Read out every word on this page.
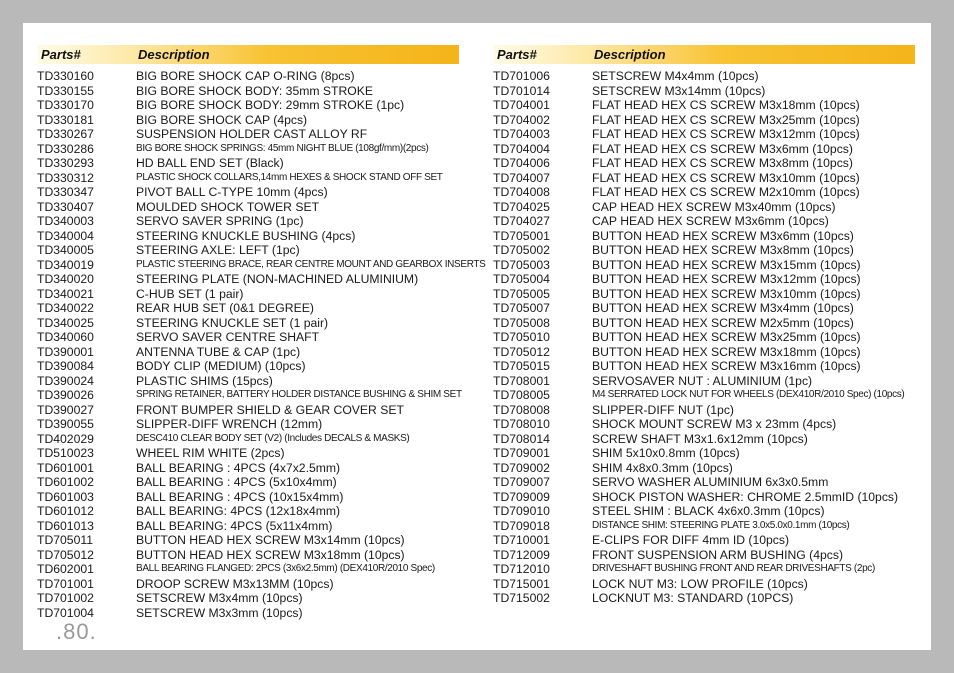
Parts#	Description
TD330160	BIG BORE SHOCK CAP O-RING (8pcs)
TD330155	BIG BORE SHOCK BODY: 35mm STROKE
TD330170	BIG BORE SHOCK BODY: 29mm STROKE (1pc)
TD330181	BIG BORE SHOCK CAP (4pcs)
TD330267	SUSPENSION HOLDER CAST ALLOY RF
TD330286	BIG BORE SHOCK SPRINGS: 45mm NIGHT BLUE (108gf/mm)(2pcs)
TD330293	HD BALL END SET (Black)
TD330312	PLASTIC SHOCK COLLARS,14mm HEXES & SHOCK STAND OFF SET
TD330347	PIVOT BALL C-TYPE 10mm (4pcs)
TD330407	MOULDED SHOCK TOWER SET
TD340003	SERVO SAVER SPRING (1pc)
TD340004	STEERING KNUCKLE BUSHING (4pcs)
TD340005	STEERING AXLE: LEFT (1pc)
TD340019	PLASTIC STEERING BRACE, REAR CENTRE MOUNT AND GEARBOX INSERTS
TD340020	STEERING PLATE (NON-MACHINED ALUMINIUM)
TD340021	C-HUB SET (1 pair)
TD340022	REAR HUB SET (0&1 DEGREE)
TD340025	STEERING KNUCKLE SET (1 pair)
TD340060	SERVO SAVER CENTRE SHAFT
TD390001	ANTENNA TUBE & CAP (1pc)
TD390084	BODY CLIP (MEDIUM) (10pcs)
TD390024	PLASTIC SHIMS (15pcs)
TD390026	SPRING RETAINER, BATTERY HOLDER DISTANCE BUSHING & SHIM SET
TD390027	FRONT BUMPER SHIELD & GEAR COVER SET
TD390055	SLIPPER-DIFF WRENCH (12mm)
TD402029	DESC410 CLEAR BODY SET (V2) (Includes DECALS & MASKS)
TD510023	WHEEL RIM WHITE (2pcs)
TD601001	BALL BEARING : 4PCS (4x7x2.5mm)
TD601002	BALL BEARING : 4PCS (5x10x4mm)
TD601003	BALL BEARING : 4PCS (10x15x4mm)
TD601012	BALL BEARING: 4PCS (12x18x4mm)
TD601013	BALL BEARING: 4PCS (5x11x4mm)
TD705011	BUTTON HEAD HEX SCREW M3x14mm (10pcs)
TD705012	BUTTON HEAD HEX SCREW M3x18mm (10pcs)
TD602001	BALL BEARING FLANGED: 2PCS (3x6x2.5mm) (DEX410R/2010 Spec)
TD701001	DROOP SCREW M3x13MM (10pcs)
TD701002	SETSCREW M3x4mm (10pcs)
TD701004	SETSCREW M3x3mm (10pcs)
Parts#	Description
TD701006	SETSCREW M4x4mm (10pcs)
TD701014	SETSCREW M3x14mm (10pcs)
TD704001	FLAT HEAD HEX CS SCREW M3x18mm (10pcs)
TD704002	FLAT HEAD HEX CS SCREW M3x25mm (10pcs)
TD704003	FLAT HEAD HEX CS SCREW M3x12mm (10pcs)
TD704004	FLAT HEAD HEX CS SCREW M3x6mm (10pcs)
TD704006	FLAT HEAD HEX CS SCREW M3x8mm (10pcs)
TD704007	FLAT HEAD HEX CS SCREW M3x10mm (10pcs)
TD704008	FLAT HEAD HEX CS SCREW M2x10mm (10pcs)
TD704025	CAP HEAD HEX SCREW M3x40mm (10pcs)
TD704027	CAP HEAD HEX SCREW M3x6mm (10pcs)
TD705001	BUTTON HEAD HEX SCREW M3x6mm (10pcs)
TD705002	BUTTON HEAD HEX SCREW M3x8mm (10pcs)
TD705003	BUTTON HEAD HEX SCREW M3x15mm (10pcs)
TD705004	BUTTON HEAD HEX SCREW M3x12mm (10pcs)
TD705005	BUTTON HEAD HEX SCREW M3x10mm (10pcs)
TD705007	BUTTON HEAD HEX SCREW M3x4mm (10pcs)
TD705008	BUTTON HEAD HEX SCREW M2x5mm (10pcs)
TD705010	BUTTON HEAD HEX SCREW M3x25mm (10pcs)
TD705012	BUTTON HEAD HEX SCREW M3x18mm (10pcs)
TD705015	BUTTON HEAD HEX SCREW M3x16mm (10pcs)
TD708001	SERVOSAVER NUT : ALUMINIUM (1pc)
TD708005	M4 SERRATED LOCK NUT FOR WHEELS (DEX410R/2010 Spec) (10pcs)
TD708008	SLIPPER-DIFF NUT (1pc)
TD708010	SHOCK MOUNT SCREW M3 x 23mm (4pcs)
TD708014	SCREW SHAFT M3x1.6x12mm (10pcs)
TD709001	SHIM 5x10x0.8mm (10pcs)
TD709002	SHIM 4x8x0.3mm (10pcs)
TD709007	SERVO WASHER ALUMINIUM 6x3x0.5mm
TD709009	SHOCK PISTON WASHER: CHROME 2.5mmID (10pcs)
TD709010	STEEL SHIM : BLACK 4x6x0.3mm (10pcs)
TD709018	DISTANCE SHIM: STEERING PLATE 3.0x5.0x0.1mm (10pcs)
TD710001	E-CLIPS FOR DIFF 4mm ID (10pcs)
TD712009	FRONT SUSPENSION ARM BUSHING (4pcs)
TD712010	DRIVESHAFT BUSHING FRONT AND REAR DRIVESHAFTS (2pc)
TD715001	LOCK NUT M3: LOW PROFILE (10pcs)
TD715002	LOCKNUT M3: STANDARD (10PCS)
.80.
